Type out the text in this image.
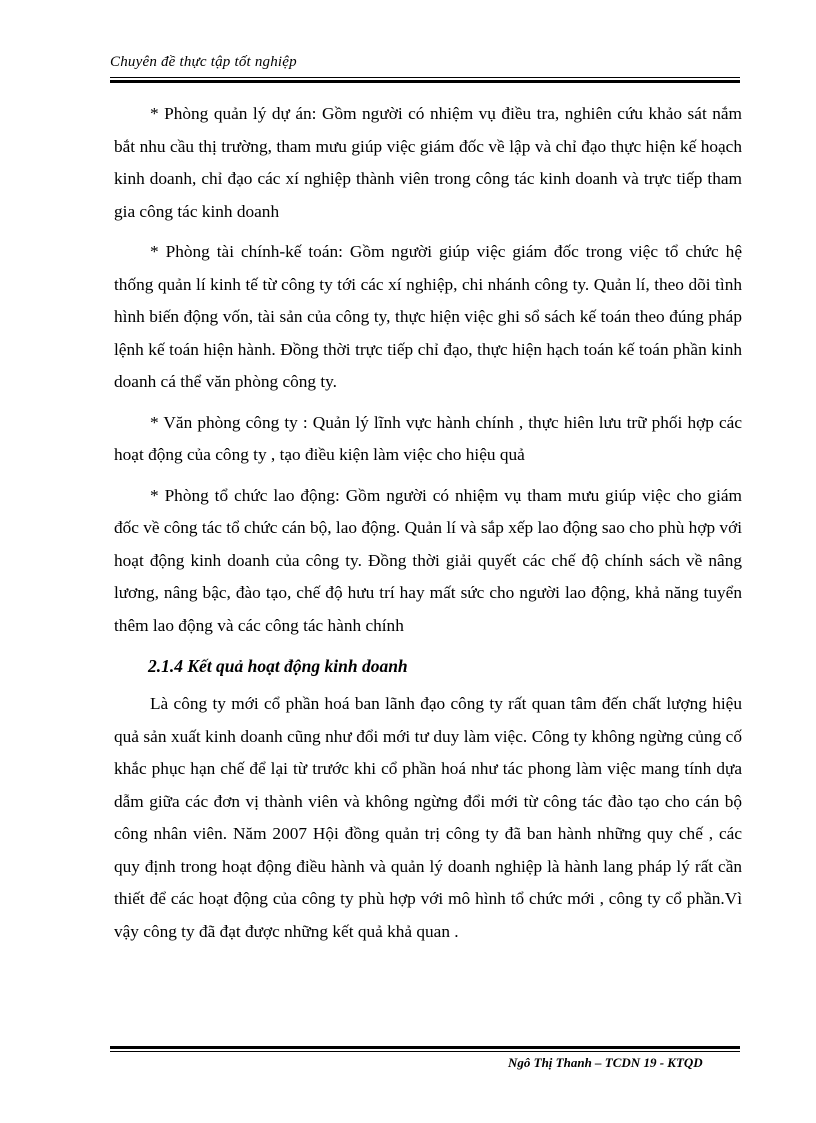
Chuyên đề thực tập tốt nghiệp

* Phòng quản lý dự án: Gồm người có nhiệm vụ điều tra, nghiên cứu khảo sát nắm bắt nhu cầu thị trường, tham mưu giúp việc giám đốc về lập và chỉ đạo thực hiện kế hoạch kinh doanh, chỉ đạo các xí nghiệp thành viên trong công tác kinh doanh và trực tiếp tham gia công tác kinh doanh

* Phòng tài chính-kế toán: Gồm người giúp việc giám đốc trong việc tổ chức hệ thống quản lí kinh tế từ công ty tới các xí nghiệp, chi nhánh công ty. Quản lí, theo dõi tình hình biến động vốn, tài sản của công ty, thực hiện việc ghi sổ sách kế toán theo đúng pháp lệnh kế toán hiện hành. Đồng thời trực tiếp chỉ đạo, thực hiện hạch toán kế toán phần kinh doanh cá thể văn phòng công ty.

* Văn phòng công ty : Quản lý lĩnh vực hành chính , thực hiên lưu trữ phối hợp các hoạt động của công ty , tạo điều kiện làm việc cho hiệu quả

* Phòng tổ chức lao động: Gồm người có nhiệm vụ tham mưu giúp việc cho giám đốc về công tác tổ chức cán bộ, lao động. Quản lí và sắp xếp lao động sao cho phù hợp với hoạt động kinh doanh của công ty. Đồng thời giải quyết các chế độ chính sách về nâng lương, nâng bậc, đào tạo, chế độ hưu trí hay mất sức cho người lao động, khả năng tuyển thêm lao động và các công tác hành chính

2.1.4 Kết quả hoạt động kinh doanh

Là công ty mới cổ phần hoá ban lãnh đạo công ty rất quan tâm đến chất lượng hiệu quả sản xuất kinh doanh cũng như đổi mới tư duy làm việc. Công ty không ngừng củng cố khắc phục hạn chế để lại từ trước khi cổ phần hoá như tác phong làm việc mang tính dựa dẫm giữa các đơn vị thành viên và không ngừng đổi mới từ công tác đào tạo cho cán bộ công nhân viên. Năm 2007 Hội đồng quản trị công ty đã ban hành những quy chế , các quy định trong hoạt động điều hành và quản lý doanh nghiệp là hành lang pháp lý rất cần thiết để các hoạt động của công ty phù hợp với mô hình tổ chức mới , công ty cổ phần.Vì vậy công ty đã đạt được những kết quả khả quan .

Ngô Thị Thanh – TCDN 19 - KTQD
